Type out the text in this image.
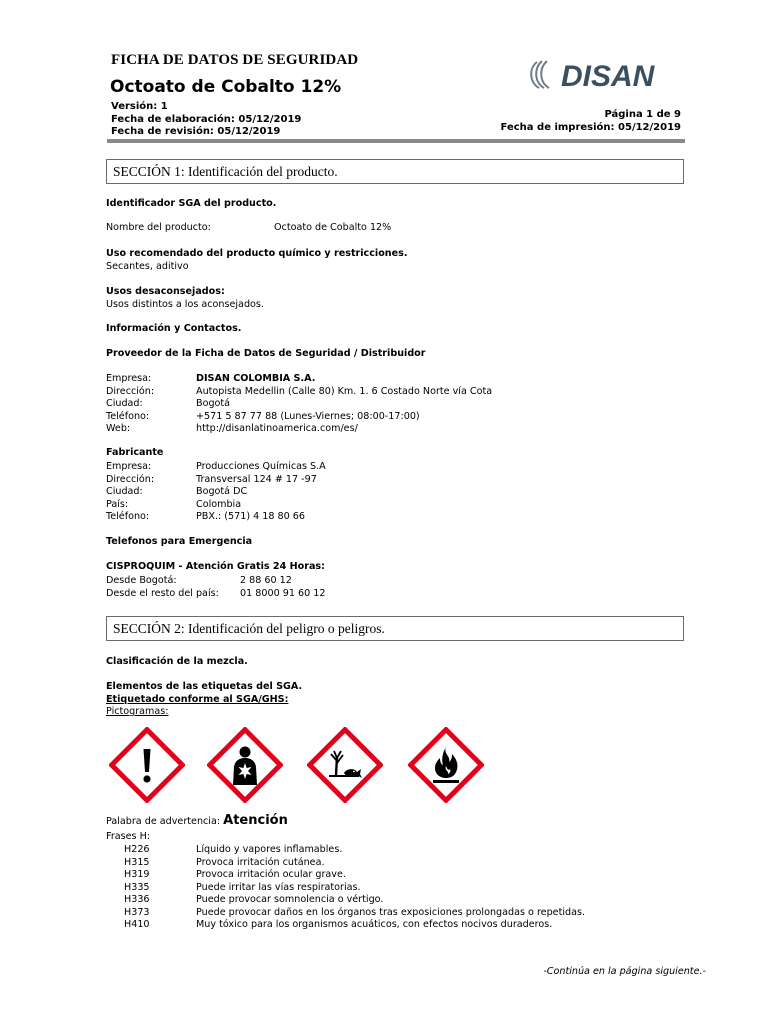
FICHA DE DATOS DE SEGURIDAD
Octoato de Cobalto 12%
Versión: 1
Fecha de elaboración: 05/12/2019
Fecha de revisión: 05/12/2019
Página 1 de 9
Fecha de impresión: 05/12/2019
DISAN
SECCIÓN 1: Identificación del producto.
Identificador SGA del producto.
Nombre del producto:	Octoato de Cobalto 12%
Uso recomendado del producto químico y restricciones.
Secantes, aditivo
Usos desaconsejados:
Usos distintos a los aconsejados.
Información y Contactos.
Proveedor de la Ficha de Datos de Seguridad / Distribuidor
Empresa:	DISAN COLOMBIA S.A.
Dirección:	Autopista Medellin (Calle 80) Km. 1. 6 Costado Norte vía Cota
Ciudad:	Bogotá
Teléfono:	+571 5 87 77 88 (Lunes-Viernes; 08:00-17:00)
Web:	http://disanlatinoamerica.com/es/
Fabricante
Empresa:	Producciones Químicas S.A
Dirección:	Transversal 124 # 17 -97
Ciudad:	Bogotá DC
País:	Colombia
Teléfono:	PBX.: (571) 4 18 80 66
Telefonos para Emergencia
CISPROQUIM - Atención Gratis 24 Horas:
Desde Bogotá:	2 88 60 12
Desde el resto del país:	01 8000 91 60 12
SECCIÓN 2: Identificación del peligro o peligros.
Clasificación de la mezcla.
Elementos de las etiquetas del SGA.
Etiquetado conforme al SGA/GHS:
Pictogramas:
Palabra de advertencia: Atención
Frases H:
H226	Líquido y vapores inflamables.
H315	Provoca irritación cutánea.
H319	Provoca irritación ocular grave.
H335	Puede irritar las vías respiratorias.
H336	Puede provocar somnolencia o vértigo.
H373	Puede provocar daños en los órganos tras exposiciones prolongadas o repetidas.
H410	Muy tóxico para los organismos acuáticos, con efectos nocivos duraderos.
-Continúa en la página siguiente.-
